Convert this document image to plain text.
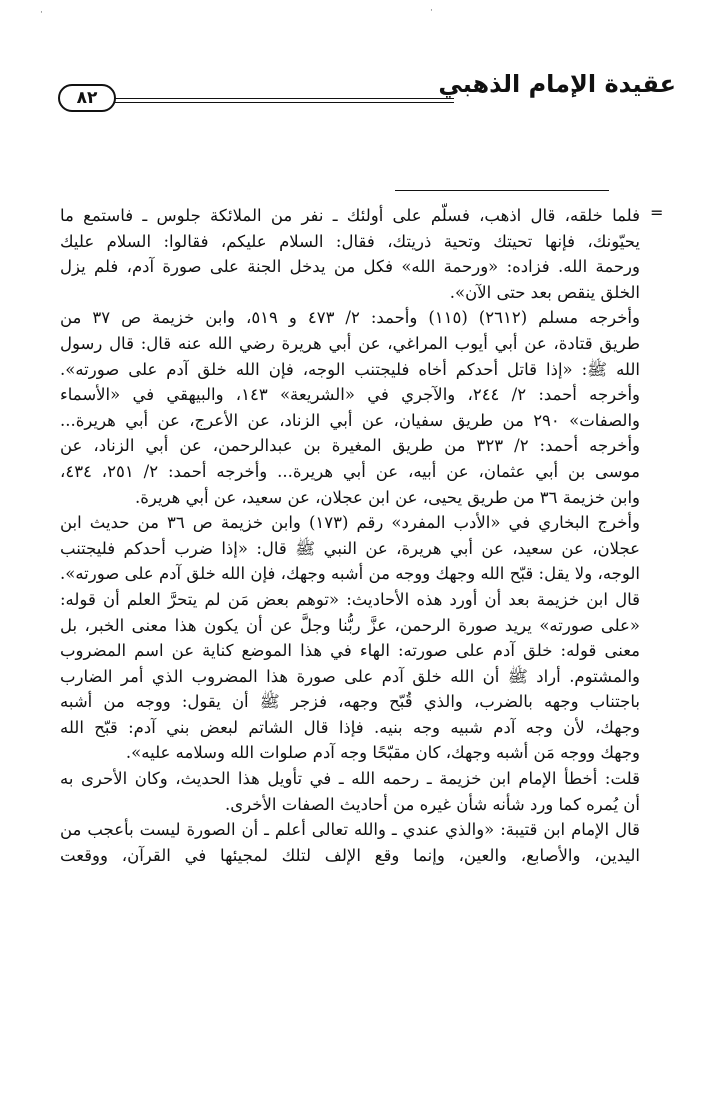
٨٢	عقيدة الإمام الذهبي
=
فلما خلقه، قال اذهب، فسلّم على أولئك ـ نفر من الملائكة جلوس ـ فاستمع ما
يحيّونك، فإنها تحيتك وتحية ذريتك، فقال: السلام عليكم، فقالوا: السلام عليك
ورحمة الله. فزاده: «ورحمة الله» فكل من يدخل الجنة على صورة آدم، فلم يزل
الخلق ينقص بعد حتى الآن».
وأخرجه مسلم (٢٦١٢) (١١٥) وأحمد: ٢/ ٤٧٣ و ٥١٩، وابن خزيمة ص ٣٧ من
طريق قتادة، عن أبي أيوب المراغي، عن أبي هريرة رضي الله عنه قال: قال رسول
الله ﷺ: «إذا قاتل أحدكم أخاه فليجتنب الوجه، فإن الله خلق آدم على صورته».
وأخرجه أحمد: ٢/ ٢٤٤، والآجري في «الشريعة» ١٤٣، والبيهقي في «الأسماء
والصفات» ٢٩٠ من طريق سفيان، عن أبي الزناد، عن الأعرج، عن أبي هريرة...
وأخرجه أحمد: ٢/ ٣٢٣ من طريق المغيرة بن عبدالرحمن، عن أبي الزناد، عن
موسى بن أبي عثمان، عن أبيه، عن أبي هريرة... وأخرجه أحمد: ٢/ ٢٥١، ٤٣٤،
وابن خزيمة ٣٦ من طريق يحيى، عن ابن عجلان، عن سعيد، عن أبي هريرة.
وأخرج البخاري في «الأدب المفرد» رقم (١٧٣) وابن خزيمة ص ٣٦ من حديث ابن
عجلان، عن سعيد، عن أبي هريرة، عن النبي ﷺ قال: «إذا ضرب أحدكم فليجتنب
الوجه، ولا يقل: قبّح الله وجهك ووجه من أشبه وجهك، فإن الله خلق آدم على صورته».
قال ابن خزيمة بعد أن أورد هذه الأحاديث: «توهم بعض مَن لم يتحرَّ العلم أن قوله:
«على صورته» يريد صورة الرحمن، عزَّ ربُّنا وجلَّ عن أن يكون هذا معنى الخبر، بل
معنى قوله: خلق آدم على صورته: الهاء في هذا الموضع كناية عن اسم المضروب
والمشتوم. أراد ﷺ أن الله خلق آدم على صورة هذا المضروب الذي أمر الضارب
باجتناب وجهه بالضرب، والذي قُبّح وجهه، فزجر ﷺ أن يقول: ووجه من أشبه
وجهك، لأن وجه آدم شبيه وجه بنيه. فإذا قال الشاتم لبعض بني آدم: قبّح الله
وجهك ووجه مَن أشبه وجهك، كان مقبّحًا وجه آدم صلوات الله وسلامه عليه».
قلت: أخطأ الإمام ابن خزيمة ـ رحمه الله ـ في تأويل هذا الحديث، وكان الأحرى به
أن يُمره كما ورد شأنه شأن غيره من أحاديث الصفات الأخرى.
قال الإمام ابن قتيبة: «والذي عندي ـ والله تعالى أعلم ـ أن الصورة ليست بأعجب من
اليدين، والأصابع، والعين، وإنما وقع الإلف لتلك لمجيئها في القرآن، ووقعت
·	·
